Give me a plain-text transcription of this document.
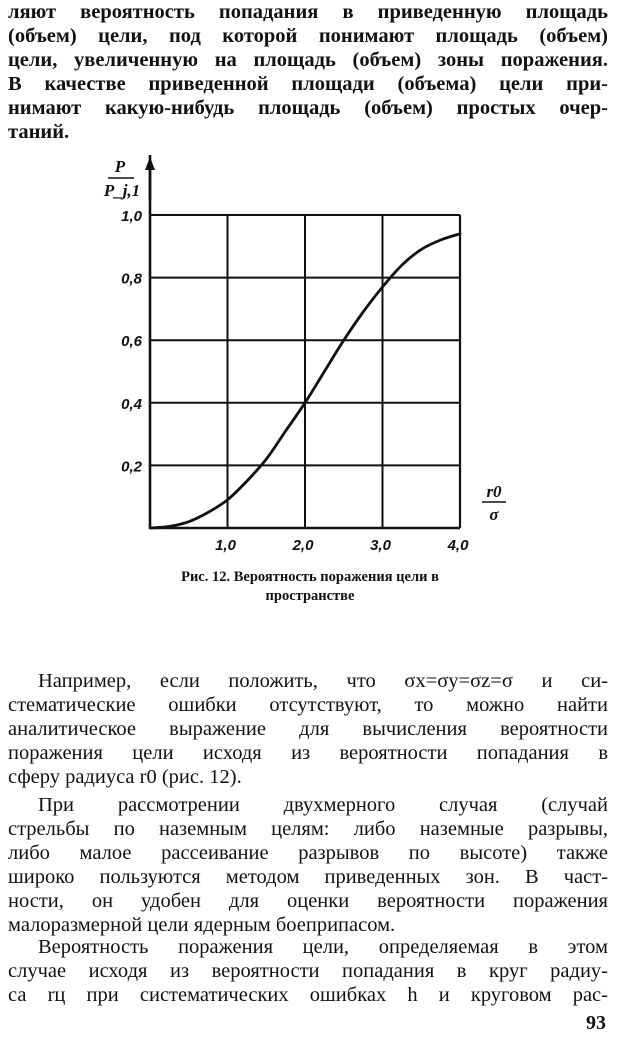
ляют вероятность попадания в приведенную площадь
(объем) цели, под которой понимают площадь (объем)
цели, увеличенную на площадь (объем) зоны поражения.
В качестве приведенной площади (объема) цели при-
нимают какую-нибудь площадь (объем) простых очер-
таний.

0,2
0,4
0,6
0,8
1,0
1,0	2,0	3,0	4,0
P
P_j,1
r0
σ
Рис. 12. Вероятность поражения цели в
пространстве

Например, если положить, что σx=σy=σz=σ и си-
стематические ошибки отсутствуют, то можно найти
аналитическое выражение для вычисления вероятности
поражения цели исходя из вероятности попадания в
сферу радиуса r0 (рис. 12).

При рассмотрении двухмерного случая (случай
стрельбы по наземным целям: либо наземные разрывы,
либо малое рассеивание разрывов по высоте) также
широко пользуются методом приведенных зон. В част-
ности, он удобен для оценки вероятности поражения
малоразмерной цели ядерным боеприпасом.

Вероятность поражения цели, определяемая в этом
случае исходя из вероятности попадания в круг радиу-
са rц при систематических ошибках h и круговом рас-

93
